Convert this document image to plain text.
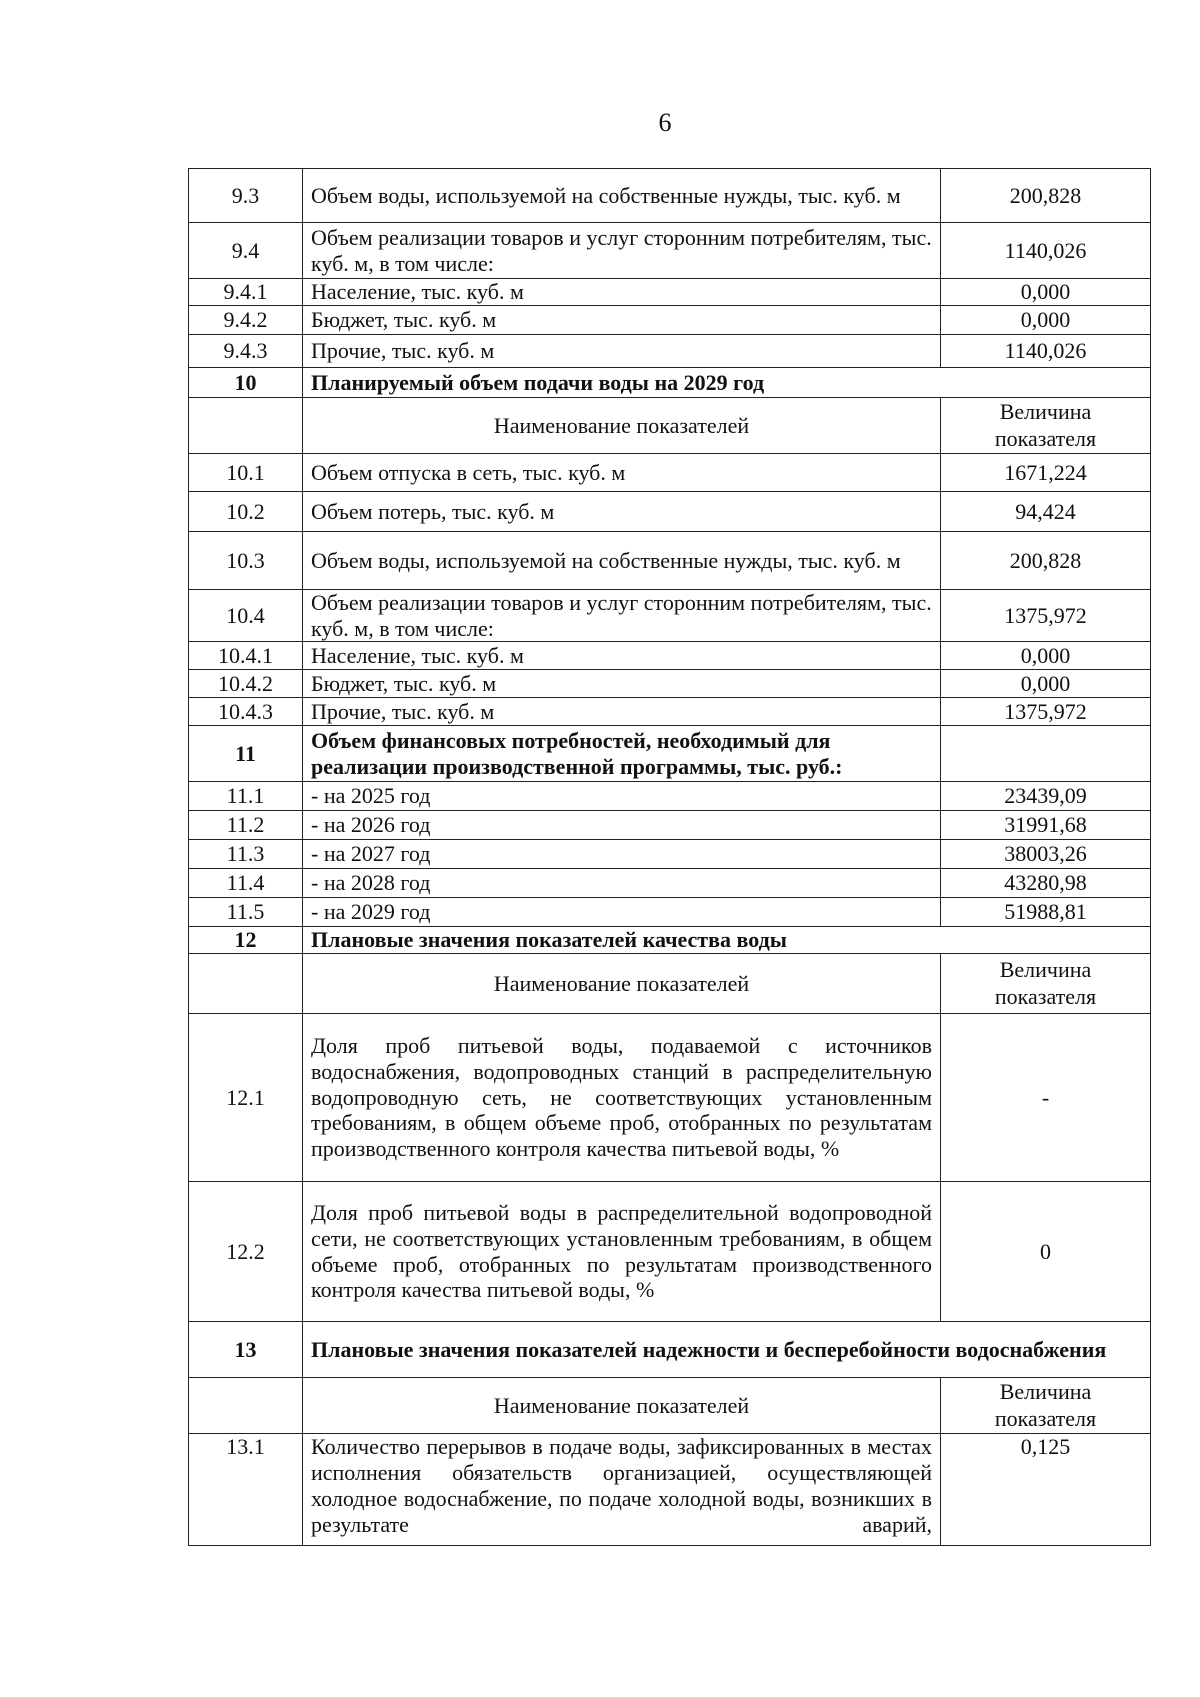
6
9.3	Объем воды, используемой на собственные нужды, тыс. куб. м	200,828
9.4	Объем реализации товаров и услуг сторонним потребителям, тыс. куб. м, в том числе:	1140,026
9.4.1	Население, тыс. куб. м	0,000
9.4.2	Бюджет, тыс. куб. м	0,000
9.4.3	Прочие, тыс. куб. м	1140,026
10	Планируемый объем подачи воды на 2029 год	
	Наименование показателей	Величина показателя
10.1	Объем отпуска в сеть, тыс. куб. м	1671,224
10.2	Объем потерь, тыс. куб. м	94,424
10.3	Объем воды, используемой на собственные нужды, тыс. куб. м	200,828
10.4	Объем реализации товаров и услуг сторонним потребителям, тыс. куб. м, в том числе:	1375,972
10.4.1	Население, тыс. куб. м	0,000
10.4.2	Бюджет, тыс. куб. м	0,000
10.4.3	Прочие, тыс. куб. м	1375,972
11	Объем финансовых потребностей, необходимый для реализации производственной программы, тыс. руб.:	
11.1	- на 2025 год	23439,09
11.2	- на 2026 год	31991,68
11.3	- на 2027 год	38003,26
11.4	- на 2028 год	43280,98
11.5	- на 2029 год	51988,81
12	Плановые значения показателей качества воды	
	Наименование показателей	Величина показателя
12.1	Доля проб питьевой воды, подаваемой с источников водоснабжения, водопроводных станций в распределительную водопроводную сеть, не соответствующих установленным требованиям, в общем объеме проб, отобранных по результатам производственного контроля качества питьевой воды, %	-
12.2	Доля проб питьевой воды в распределительной водопроводной сети, не соответствующих установленным требованиям, в общем объеме проб, отобранных по результатам производственного контроля качества питьевой воды, %	0
13	Плановые значения показателей надежности и бесперебойности водоснабжения	
	Наименование показателей	Величина показателя
13.1	Количество перерывов в подаче воды, зафиксированных в местах исполнения обязательств организацией, осуществляющей холодное водоснабжение, по подаче холодной воды, возникших в результате аварий,	0,125
